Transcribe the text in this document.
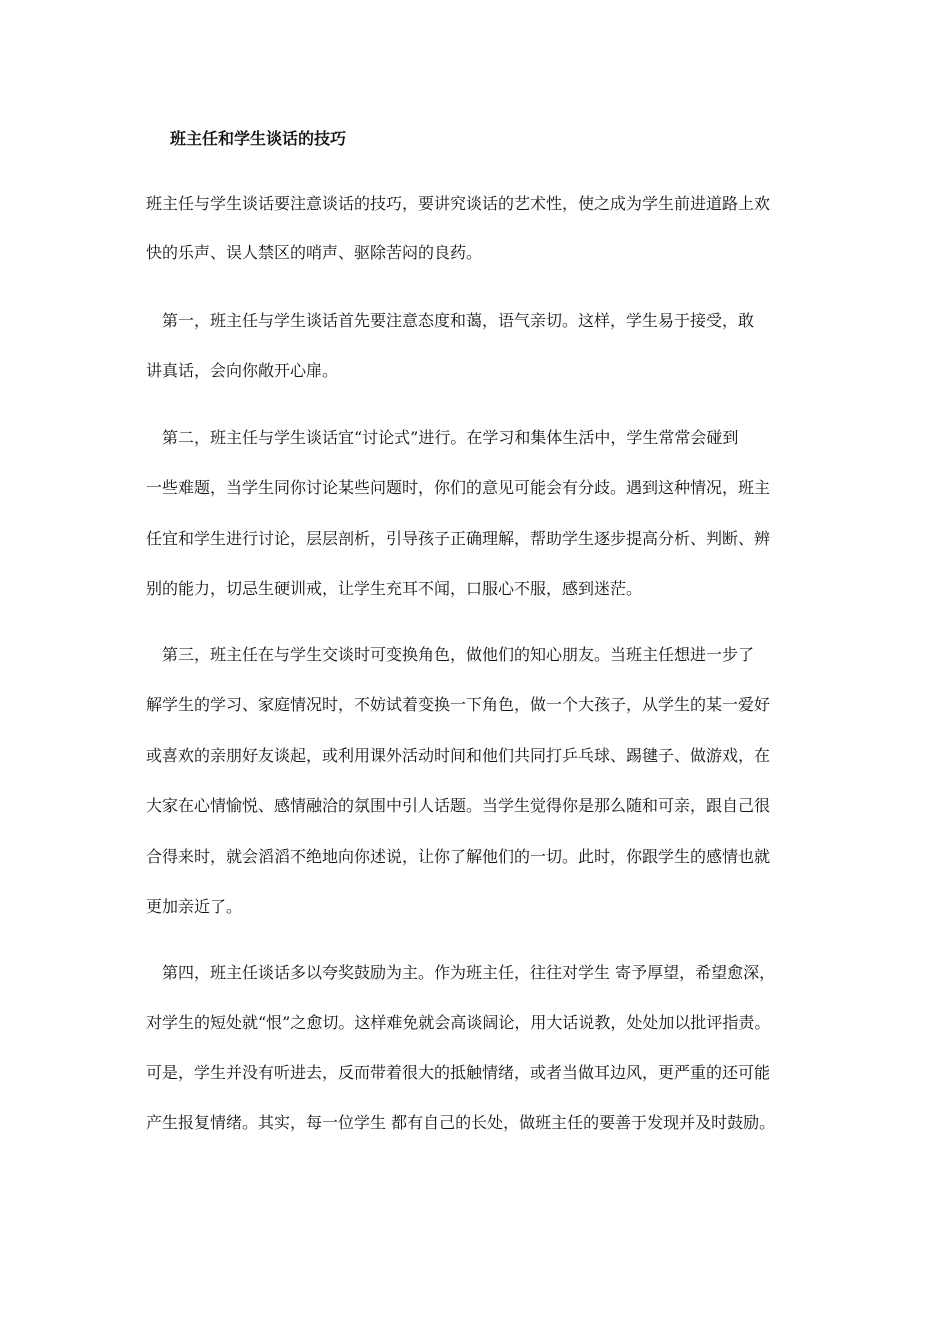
班主任和学生谈话的技巧
班主任与学生谈话要注意谈话的技巧，要讲究谈话的艺术性，使之成为学生前进道路上欢
快的乐声、误人禁区的哨声、驱除苦闷的良药。
　第一，班主任与学生谈话首先要注意态度和蔼，语气亲切。这样，学生易于接受，敢
讲真话，会向你敞开心扉。
　第二，班主任与学生谈话宜“讨论式”进行。在学习和集体生活中，学生常常会碰到
一些难题，当学生同你讨论某些问题时，你们的意见可能会有分歧。遇到这种情况，班主
任宜和学生进行讨论，层层剖析，引导孩子正确理解，帮助学生逐步提高分析、判断、辨
别的能力，切忌生硬训戒，让学生充耳不闻，口服心不服，感到迷茫。
　第三，班主任在与学生交谈时可变换角色，做他们的知心朋友。当班主任想进一步了
解学生的学习、家庭情况时，不妨试着变换一下角色，做一个大孩子，从学生的某一爱好
或喜欢的亲朋好友谈起，或利用课外活动时间和他们共同打乒乓球、踢毽子、做游戏，在
大家在心情愉悦、感情融洽的氛围中引人话题。当学生觉得你是那么随和可亲，跟自己很
合得来时，就会滔滔不绝地向你述说，让你了解他们的一切。此时，你跟学生的感情也就
更加亲近了。
　第四，班主任谈话多以夸奖鼓励为主。作为班主任，往往对学生 寄予厚望，希望愈深，
对学生的短处就“恨”之愈切。这样难免就会高谈阔论，用大话说教，处处加以批评指责。
可是，学生并没有听进去，反而带着很大的抵触情绪，或者当做耳边风，更严重的还可能
产生报复情绪。其实，每一位学生 都有自己的长处，做班主任的要善于发现并及时鼓励。
